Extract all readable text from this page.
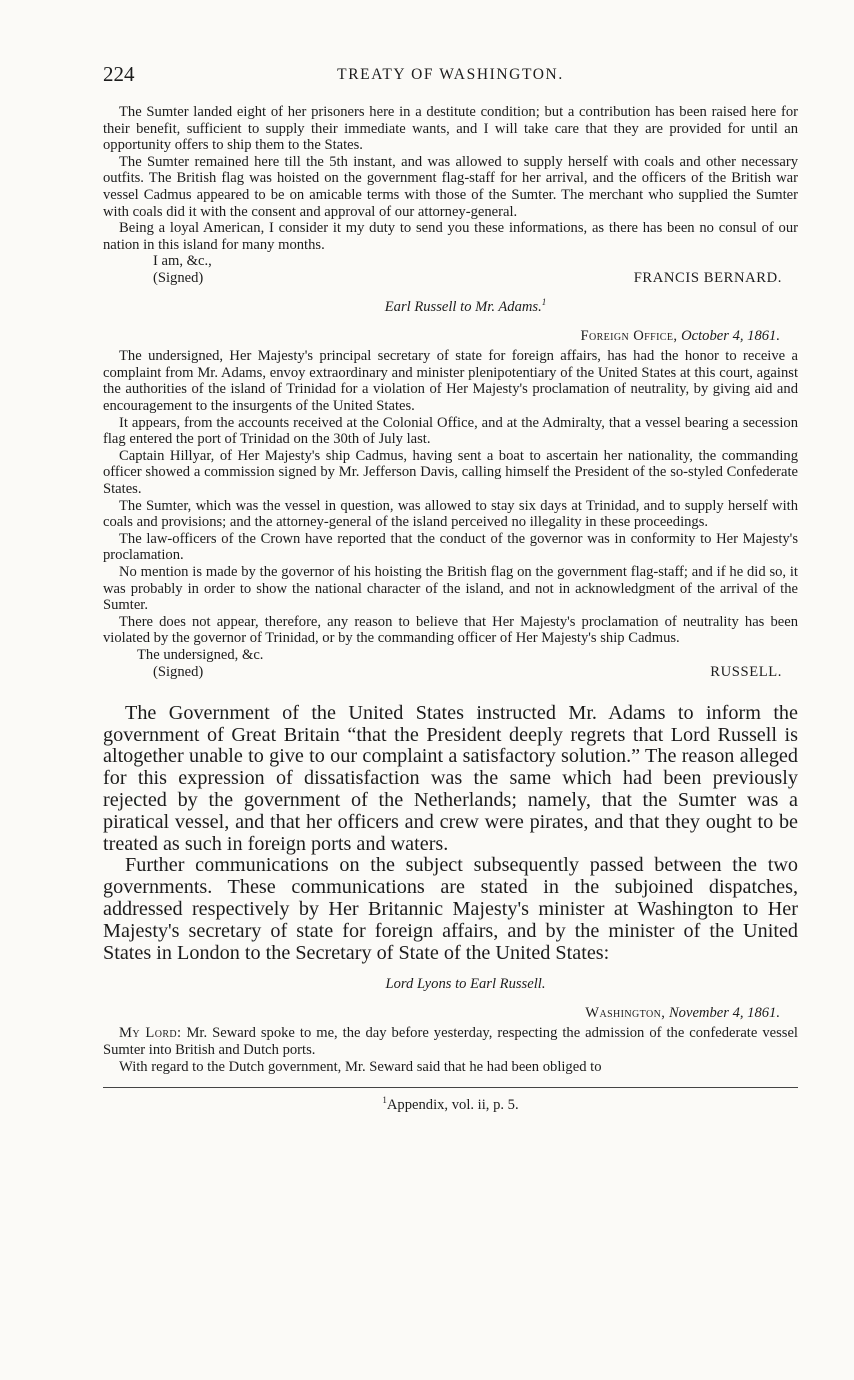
224	TREATY OF WASHINGTON.

The Sumter landed eight of her prisoners here in a destitute condition; but a contribution has been raised here for their benefit, sufficient to supply their immediate wants, and I will take care that they are provided for until an opportunity offers to ship them to the States.

The Sumter remained here till the 5th instant, and was allowed to supply herself with coals and other necessary outfits. The British flag was hoisted on the government flag-staff for her arrival, and the officers of the British war vessel Cadmus appeared to be on amicable terms with those of the Sumter. The merchant who supplied the Sumter with coals did it with the consent and approval of our attorney-general.

Being a loyal American, I consider it my duty to send you these informations, as there has been no consul of our nation in this island for many months.

I am, &c.,
(Signed)	FRANCIS BERNARD.
Earl Russell to Mr. Adams.$^1$
Foreign Office, October 4, 1861.

The undersigned, Her Majesty's principal secretary of state for foreign affairs, has had the honor to receive a complaint from Mr. Adams, envoy extraordinary and minister plenipotentiary of the United States at this court, against the authorities of the island of Trinidad for a violation of Her Majesty's proclamation of neutrality, by giving aid and encouragement to the insurgents of the United States.

It appears, from the accounts received at the Colonial Office, and at the Admiralty, that a vessel bearing a secession flag entered the port of Trinidad on the 30th of July last.

Captain Hillyar, of Her Majesty's ship Cadmus, having sent a boat to ascertain her nationality, the commanding officer showed a commission signed by Mr. Jefferson Davis, calling himself the President of the so-styled Confederate States.

The Sumter, which was the vessel in question, was allowed to stay six days at Trinidad, and to supply herself with coals and provisions; and the attorney-general of the island perceived no illegality in these proceedings.

The law-officers of the Crown have reported that the conduct of the governor was in conformity to Her Majesty's proclamation.

No mention is made by the governor of his hoisting the British flag on the government flag-staff; and if he did so, it was probably in order to show the national character of the island, and not in acknowledgment of the arrival of the Sumter.

There does not appear, therefore, any reason to believe that Her Majesty's proclamation of neutrality has been violated by the governor of Trinidad, or by the commanding officer of Her Majesty's ship Cadmus.

The undersigned, &c.
(Signed)	RUSSELL.

The Government of the United States instructed Mr. Adams to inform the government of Great Britain “that the President deeply regrets that Lord Russell is altogether unable to give to our complaint a satisfactory solution.” The reason alleged for this expression of dissatisfaction was the same which had been previously rejected by the government of the Netherlands; namely, that the Sumter was a piratical vessel, and that her officers and crew were pirates, and that they ought to be treated as such in foreign ports and waters.

Further communications on the subject subsequently passed between the two governments. These communications are stated in the subjoined dispatches, addressed respectively by Her Britannic Majesty's minister at Washington to Her Majesty's secretary of state for foreign affairs, and by the minister of the United States in London to the Secretary of State of the United States:

Lord Lyons to Earl Russell.
Washington, November 4, 1861.

My Lord: Mr. Seward spoke to me, the day before yesterday, respecting the admission of the confederate vessel Sumter into British and Dutch ports.

With regard to the Dutch government, Mr. Seward said that he had been obliged to

$^1$Appendix, vol. ii, p. 5.
